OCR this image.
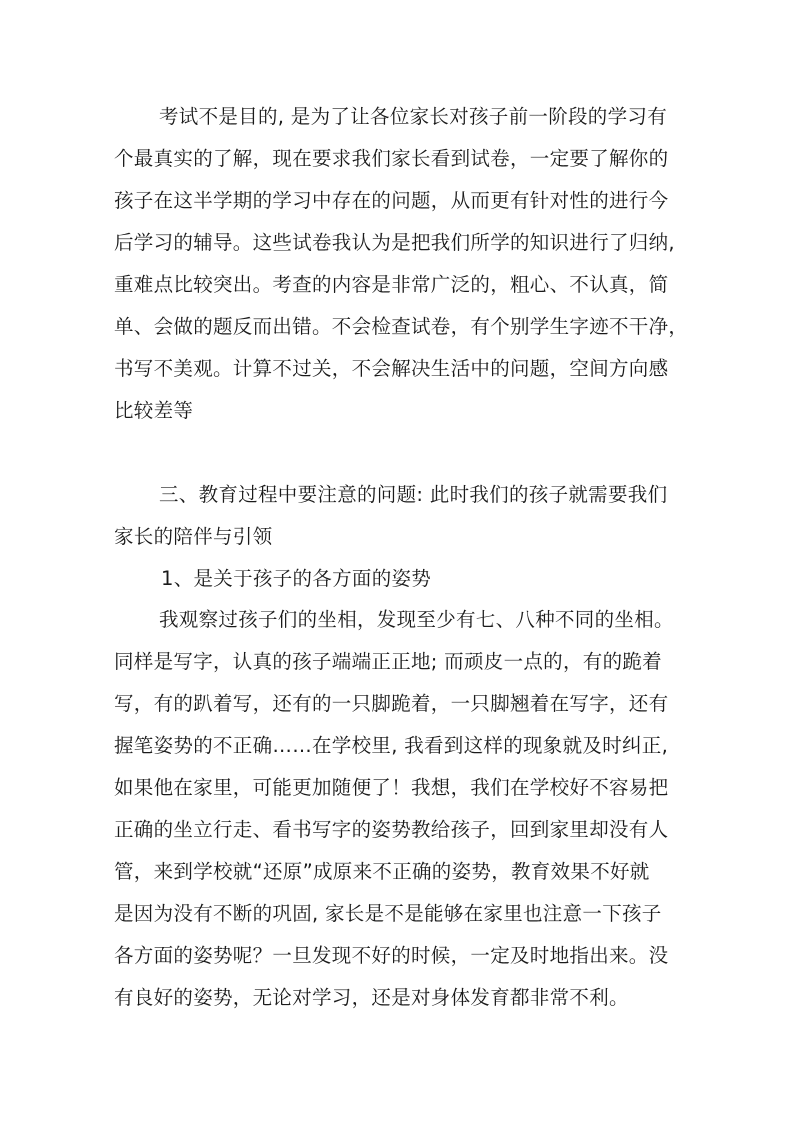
考试不是目的, 是为了让各位家长对孩子前一阶段的学习有
个最真实的了解，现在要求我们家长看到试卷，一定要了解你的
孩子在这半学期的学习中存在的问题，从而更有针对性的进行今
后学习的辅导。这些试卷我认为是把我们所学的知识进行了归纳,
重难点比较突出。考查的内容是非常广泛的，粗心、不认真，简
单、会做的题反而出错。不会检查试卷，有个别学生字迹不干净，
书写不美观。计算不过关，不会解决生活中的问题，空间方向感
比较差等
三、教育过程中要注意的问题: 此时我们的孩子就需要我们
家长的陪伴与引领
1、是关于孩子的各方面的姿势
我观察过孩子们的坐相，发现至少有七、八种不同的坐相。
同样是写字，认真的孩子端端正正地; 而顽皮一点的，有的跪着
写，有的趴着写，还有的一只脚跪着，一只脚翘着在写字，还有
握笔姿势的不正确……在学校里, 我看到这样的现象就及时纠正,
如果他在家里，可能更加随便了！我想，我们在学校好不容易把
正确的坐立行走、看书写字的姿势教给孩子，回到家里却没有人
管，来到学校就“还原”成原来不正确的姿势，教育效果不好就
是因为没有不断的巩固, 家长是不是能够在家里也注意一下孩子
各方面的姿势呢？一旦发现不好的时候，一定及时地指出来。没
有良好的姿势，无论对学习，还是对身体发育都非常不利。
